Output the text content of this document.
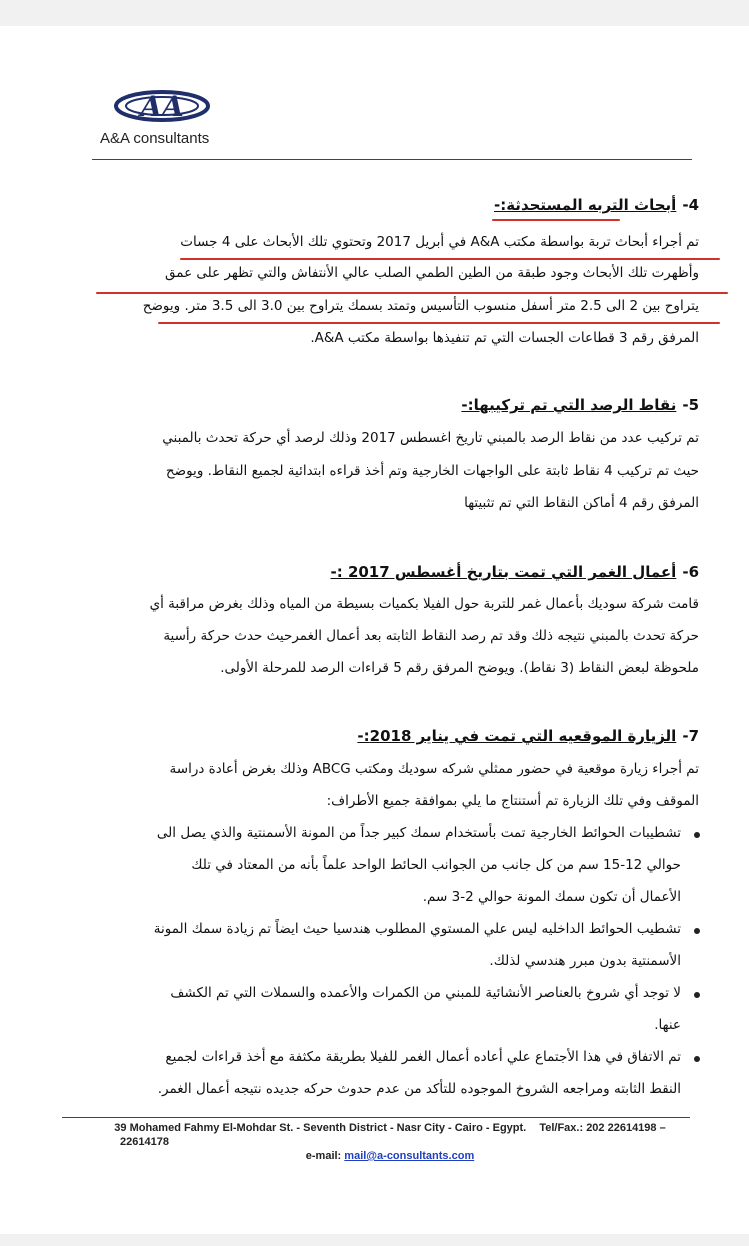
AA
A&A consultants
4-أبحاث التربه المستحدثة:-
تم أجراء أبحاث تربة بواسطة مكتب A&A في أبريل 2017 وتحتوي تلك الأبحاث على 4 جسات
وأظهرت تلك الأبحاث وجود طبقة من الطين الطمي الصلب عالي الأنتفاش والتي تظهر على عمق
يتراوح بين 2 الى 2.5 متر أسفل منسوب التأسيس وتمتد بسمك يتراوح بين 3.0 الى 3.5 متر. ويوضح
المرفق رقم 3 قطاعات الجسات التي تم تنفيذها بواسطة مكتب A&A.
5-نقاط الرصد التي تم تركيبها:-
تم تركيب عدد من نقاط الرصد بالمبني تاريخ اغسطس 2017 وذلك لرصد أي حركة تحدث بالمبني
حيث تم تركيب 4 نقاط ثابتة على الواجهات الخارجية وتم أخذ قراءه ابتدائية لجميع النقاط. ويوضح
المرفق رقم 4 أماكن النقاط التي تم تثبيتها
6-أعمال الغمر التي تمت بتاريخ أغسطس 2017 :-
قامت شركة سوديك بأعمال غمر للتربة حول الفيلا بكميات بسيطة من المياه وذلك بغرض مراقبة أي
حركة تحدث بالمبني نتيجه ذلك وقد تم رصد النقاط الثابته بعد أعمال الغمرحيث حدث حركة رأسية
ملحوظة لبعض النقاط (3 نقاط). ويوضح المرفق رقم 5 قراءات الرصد للمرحلة الأولى.
7-الزيارة الموقعيه التي تمت في يناير 2018:-
تم أجراء زيارة موقعية في حضور ممثلي شركه سوديك ومكتب ABCG وذلك بغرض أعادة دراسة
الموقف وفي تلك الزيارة تم أستنتاج ما يلي بموافقة جميع الأطراف:
تشطيبات الحوائط الخارجية تمت بأستخدام سمك كبير جداً من المونة الأسمنتية والذي يصل الى
حوالي 12-15 سم من كل جانب من الجوانب الحائط الواحد علماً بأنه من المعتاد في تلك
الأعمال أن تكون سمك المونة حوالي 2-3 سم.
تشطيب الحوائط الداخليه ليس علي المستوي المطلوب هندسيا حيث ايضاً تم زيادة سمك المونة
الأسمنتية بدون مبرر هندسي لذلك.
لا توجد أي شروخ بالعناصر الأنشائية للمبني من الكمرات والأعمده والسملات التي تم الكشف
عنها.
تم الاتفاق في هذا الأجتماع علي أعاده أعمال الغمر للفيلا بطريقة مكثفة مع أخذ قراءات لجميع
النقط الثابته ومراجعه الشروخ الموجوده للتأكد من عدم حدوث حركه جديده نتيجه أعمال الغمر.
39 Mohamed Fahmy El-Mohdar St. - Seventh District - Nasr City - Cairo - Egypt. Tel/Fax.: 202 22614198 –
22614178
e-mail: mail@a-consultants.com
